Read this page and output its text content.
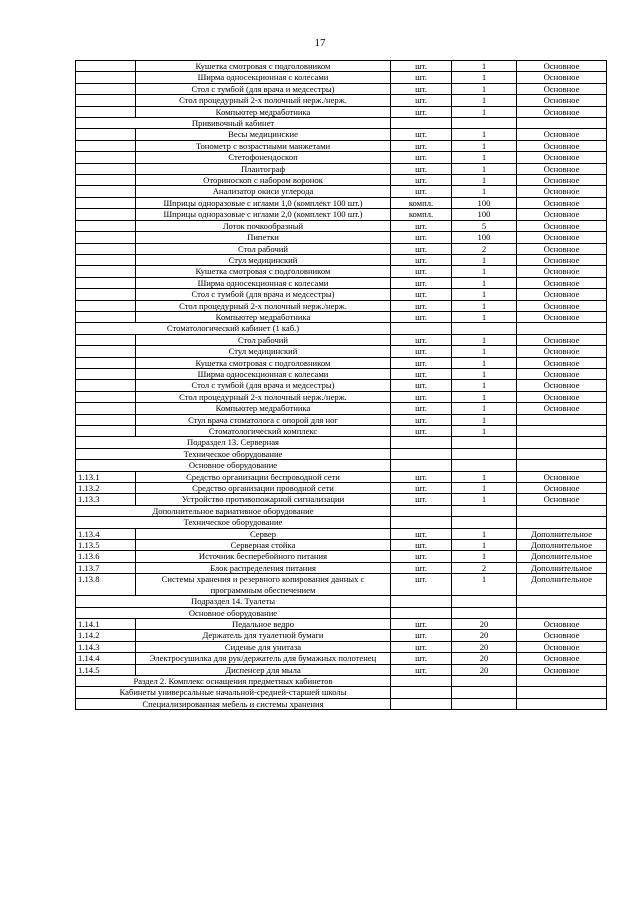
17
	Кушетка смотровая с подголовником	шт.	1	Основное
	Ширма односекционная с колесами	шт.	1	Основное
	Стол с тумбой (для врача и медсестры)	шт.	1	Основное
	Стол процедурный 2-х полочный нерж./нерж.	шт.	1	Основное
	Компьютер медработника	шт.	1	Основное
Прививочный кабинет				
	Весы медицинские	шт.	1	Основное
	Тонометр с возрастными манжетами	шт.	1	Основное
	Стетофонендоскоп	шт.	1	Основное
	Плантограф	шт.	1	Основное
	Оториноскоп с набором воронок	шт.	1	Основное
	Анализатор окиси углерода	шт.	1	Основное
	Шприцы одноразовые с иглами 1,0 (комплект 100 шт.)	компл.	100	Основное
	Шприцы одноразовые с иглами 2,0 (комплект 100 шт.)	компл.	100	Основное
	Лоток почкообразный	шт.	5	Основное
	Пипетки	шт.	100	Основное
	Стол рабочий	шт.	2	Основное
	Стул медицинский	шт.	1	Основное
	Кушетка смотровая с подголовником	шт.	1	Основное
	Ширма односекционная с колесами	шт.	1	Основное
	Стол с тумбой (для врача и медсестры)	шт.	1	Основное
	Стол процедурный 2-х полочный нерж./нерж.	шт.	1	Основное
	Компьютер медработника	шт.	1	Основное
Стоматологический кабинет (1 каб.)				
	Стол рабочий	шт.	1	Основное
	Стул медицинский	шт.	1	Основное
	Кушетка смотровая с подголовником	шт.	1	Основное
	Ширма односекционная с колесами	шт.	1	Основное
	Стол с тумбой (для врача и медсестры)	шт.	1	Основное
	Стол процедурный 2-х полочный нерж./нерж.	шт.	1	Основное
	Компьютер медработника	шт.	1	Основное
	Стул врача стоматолога с опорой для ног	шт.	1	
	Стоматологический комплекс	шт.	1	
Подраздел 13. Серверная				
Техническое оборудование				
Основное оборудование				
1.13.1	Средство организации беспроводной сети	шт.	1	Основное
1.13.2	Средство организации проводной сети	шт.	1	Основное
1.13.3	Устройство противопожарной сигнализации	шт.	1	Основное
Дополнительное вариативное оборудование				
Техническое оборудование				
1.13.4	Сервер	шт.	1	Дополнительное
1.13.5	Серверная стойка	шт.	1	Дополнительное
1.13.6	Источник бесперебойного питания	шт.	1	Дополнительное
1.13.7	Блок распределения питания	шт.	2	Дополнительное
1.13.8	Системы хранения и резервного копирования данных с программным обеспечением	шт.	1	Дополнительное
Подраздел 14. Туалеты				
Основное оборудование				
1.14.1	Педальное ведро	шт.	20	Основное
1.14.2	Держатель для туалетной бумаги	шт.	20	Основное
1.14.3	Сиденье для унитаза	шт.	20	Основное
1.14.4	Электросушилка для рук/держатель для бумажных полотенец	шт.	20	Основное
1.14.5	Диспенсер для мыла	шт.	20	Основное
Раздел 2. Комплекс оснащения предметных кабинетов				
Кабинеты универсальные начальной-средней-старшей школы				
Специализированная мебель и системы хранения				
